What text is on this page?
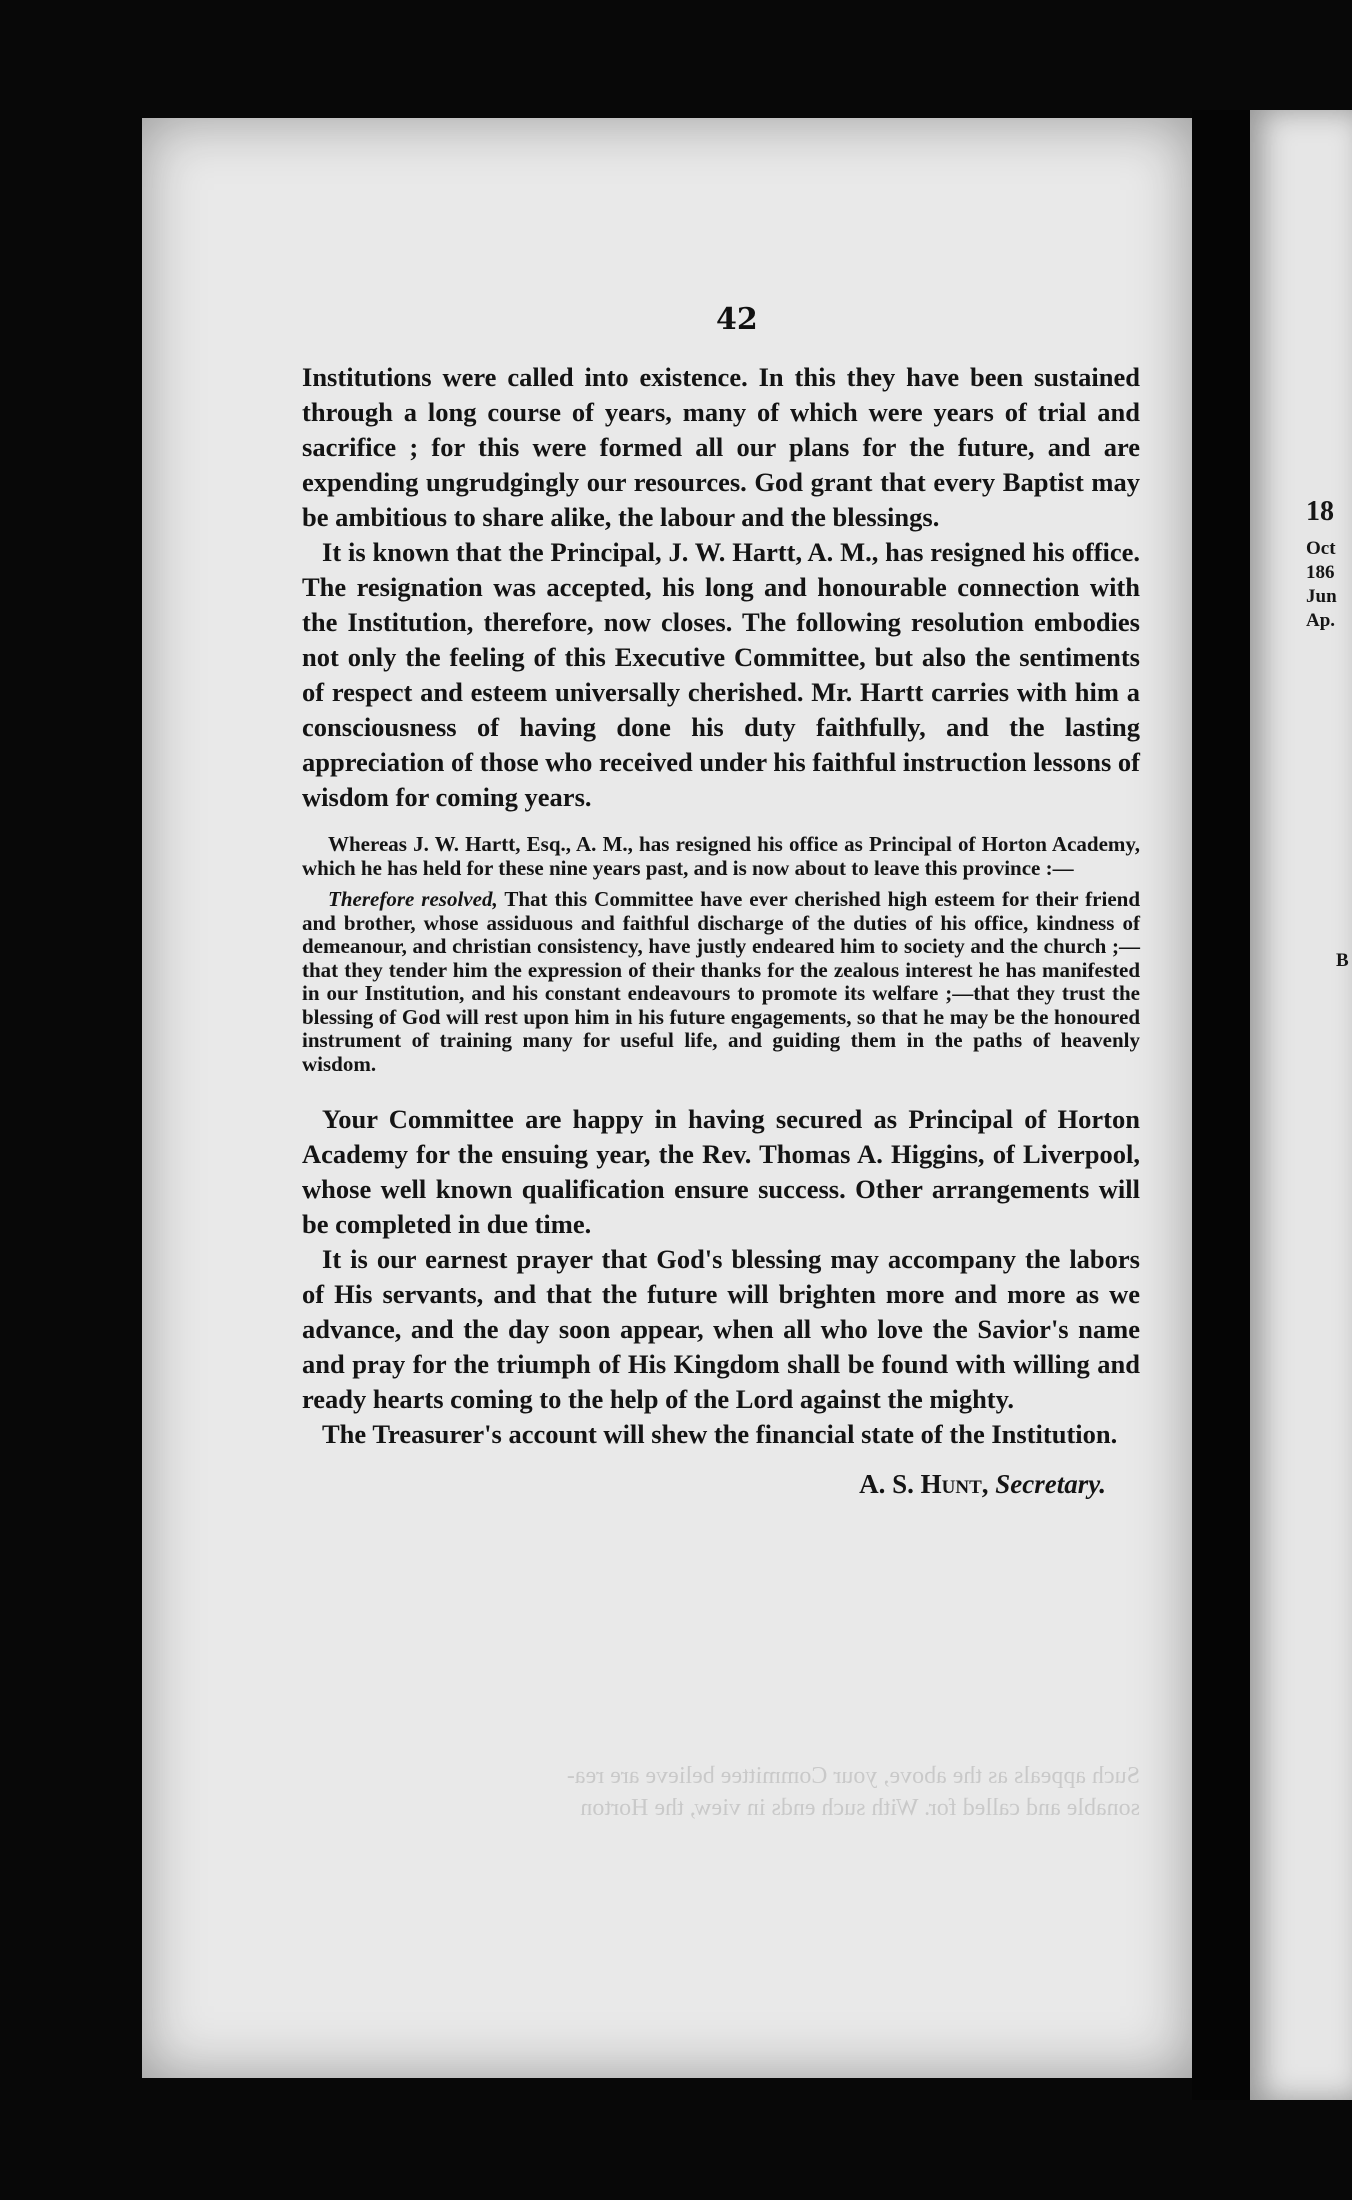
Such appeals as the above, your Committee believe are rea-
sonable and called for. With such ends in view, the Horton
42

Institutions were called into existence. In this they have been sustained through a long course of years, many of which were years of trial and sacrifice ; for this were formed all our plans for the future, and are expending ungrudgingly our resources. God grant that every Baptist may be ambitious to share alike, the labour and the blessings.

It is known that the Principal, J. W. Hartt, A. M., has resigned his office. The resignation was accepted, his long and honourable connection with the Institution, therefore, now closes. The following resolution embodies not only the feeling of this Executive Committee, but also the sentiments of respect and esteem universally cherished. Mr. Hartt carries with him a consciousness of having done his duty faithfully, and the lasting appreciation of those who received under his faithful instruction lessons of wisdom for coming years.

Whereas J. W. Hartt, Esq., A. M., has resigned his office as Principal of Horton Academy, which he has held for these nine years past, and is now about to leave this province :—

Therefore resolved, That this Committee have ever cherished high esteem for their friend and brother, whose assiduous and faithful discharge of the duties of his office, kindness of demeanour, and christian consistency, have justly endeared him to society and the church ;—that they tender him the expression of their thanks for the zealous interest he has manifested in our Institution, and his constant endeavours to promote its welfare ;—that they trust the blessing of God will rest upon him in his future engagements, so that he may be the honoured instrument of training many for useful life, and guiding them in the paths of heavenly wisdom.

Your Committee are happy in having secured as Principal of Horton Academy for the ensuing year, the Rev. Thomas A. Higgins, of Liverpool, whose well known qualification ensure success. Other arrangements will be completed in due time.

It is our earnest prayer that God's blessing may accompany the labors of His servants, and that the future will brighten more and more as we advance, and the day soon appear, when all who love the Savior's name and pray for the triumph of His Kingdom shall be found with willing and ready hearts coming to the help of the Lord against the mighty.

The Treasurer's account will shew the financial state of the Institution.

A. S. Hunt, Secretary.
18
Oct
186
Jun
Ap.
B
